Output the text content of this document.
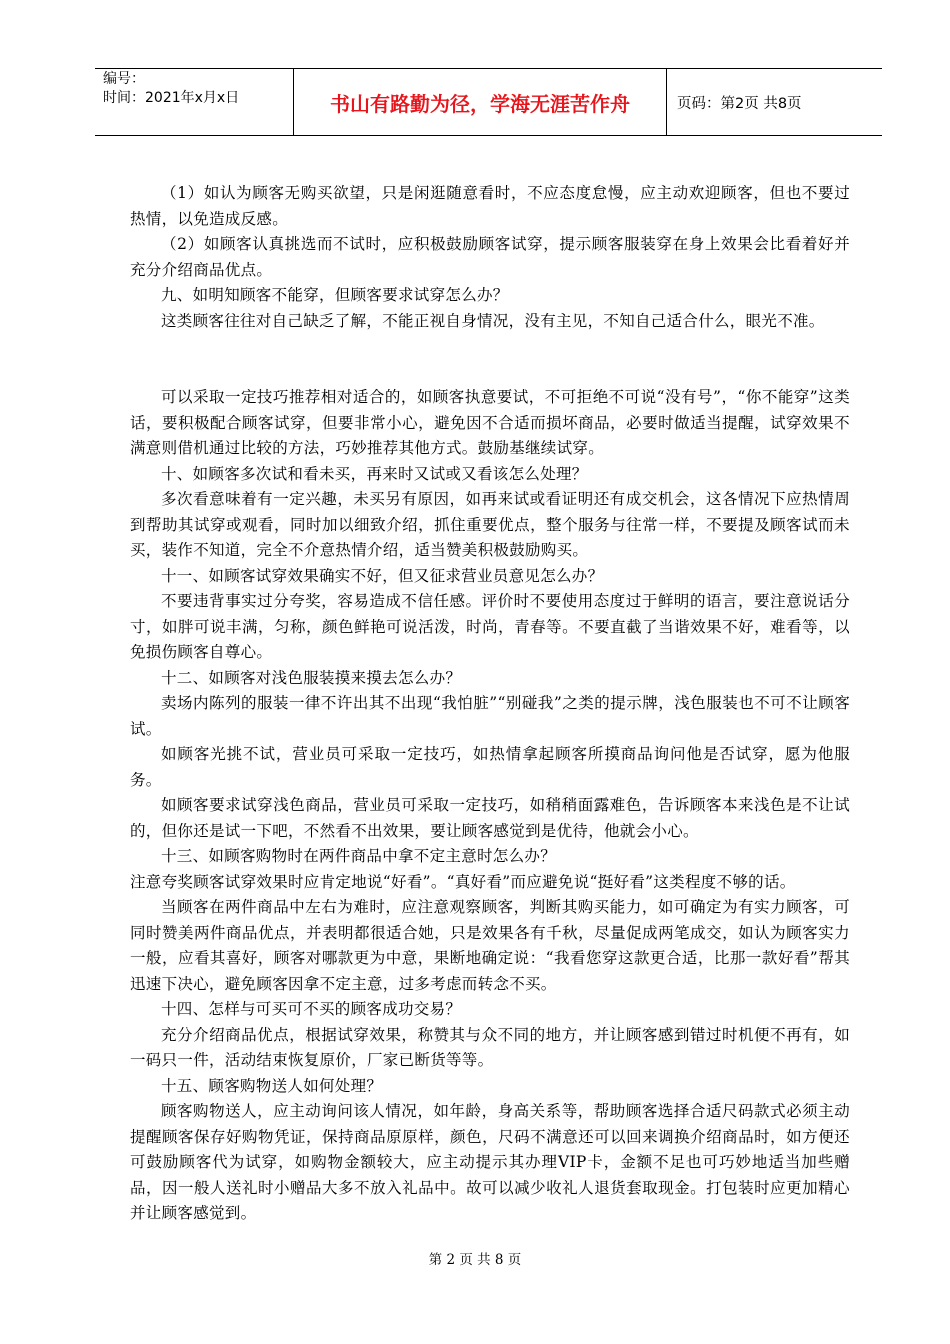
编号：
时间：2021年x月x日	书山有路勤为径，学海无涯苦作舟	页码：第2页 共8页

（1）如认为顾客无购买欲望，只是闲逛随意看时，不应态度怠慢，应主动欢迎顾客，但也不要过热情，以免造成反感。

（2）如顾客认真挑选而不试时，应积极鼓励顾客试穿，提示顾客服装穿在身上效果会比看着好并充分介绍商品优点。

九、如明知顾客不能穿，但顾客要求试穿怎么办？

这类顾客往往对自己缺乏了解，不能正视自身情况，没有主见，不知自己适合什么，眼光不准。

可以采取一定技巧推荐相对适合的，如顾客执意要试，不可拒绝不可说“没有号”，“你不能穿”这类话，要积极配合顾客试穿，但要非常小心，避免因不合适而损坏商品，必要时做适当提醒，试穿效果不满意则借机通过比较的方法，巧妙推荐其他方式。鼓励基继续试穿。

十、如顾客多次试和看未买，再来时又试或又看该怎么处理？

多次看意味着有一定兴趣，未买另有原因，如再来试或看证明还有成交机会，这各情况下应热情周到帮助其试穿或观看，同时加以细致介绍，抓住重要优点，整个服务与往常一样，不要提及顾客试而未买，装作不知道，完全不介意热情介绍，适当赞美积极鼓励购买。

十一、如顾客试穿效果确实不好，但又征求营业员意见怎么办？

不要违背事实过分夸奖，容易造成不信任感。评价时不要使用态度过于鲜明的语言，要注意说话分寸，如胖可说丰满，匀称，颜色鲜艳可说活泼，时尚，青春等。不要直截了当谐效果不好，难看等，以免损伤顾客自尊心。

十二、如顾客对浅色服装摸来摸去怎么办？

卖场内陈列的服装一律不许出其不出现“我怕脏”“别碰我”之类的提示牌，浅色服装也不可不让顾客试。

如顾客光挑不试，营业员可采取一定技巧，如热情拿起顾客所摸商品询问他是否试穿，愿为他服务。

如顾客要求试穿浅色商品，营业员可采取一定技巧，如稍稍面露难色，告诉顾客本来浅色是不让试的，但你还是试一下吧，不然看不出效果，要让顾客感觉到是优待，他就会小心。

十三、如顾客购物时在两件商品中拿不定主意时怎么办？

注意夸奖顾客试穿效果时应肯定地说“好看”。“真好看”而应避免说“挺好看”这类程度不够的话。

当顾客在两件商品中左右为难时，应注意观察顾客，判断其购买能力，如可确定为有实力顾客，可同时赞美两件商品优点，并表明都很适合她，只是效果各有千秋，尽量促成两笔成交，如认为顾客实力一般，应看其喜好，顾客对哪款更为中意，果断地确定说：“我看您穿这款更合适，比那一款好看”帮其迅速下决心，避免顾客因拿不定主意，过多考虑而转念不买。

十四、怎样与可买可不买的顾客成功交易？

充分介绍商品优点，根据试穿效果，称赞其与众不同的地方，并让顾客感到错过时机便不再有，如一码只一件，活动结束恢复原价，厂家已断货等等。

十五、顾客购物送人如何处理？

顾客购物送人，应主动询问该人情况，如年龄，身高关系等，帮助顾客选择合适尺码款式必须主动提醒顾客保存好购物凭证，保持商品原原样，颜色，尺码不满意还可以回来调换介绍商品时，如方便还可鼓励顾客代为试穿，如购物金额较大，应主动提示其办理VIP卡，金额不足也可巧妙地适当加些赠品，因一般人送礼时小赠品大多不放入礼品中。故可以减少收礼人退货套取现金。打包装时应更加精心并让顾客感觉到。

第 2 页 共 8 页
